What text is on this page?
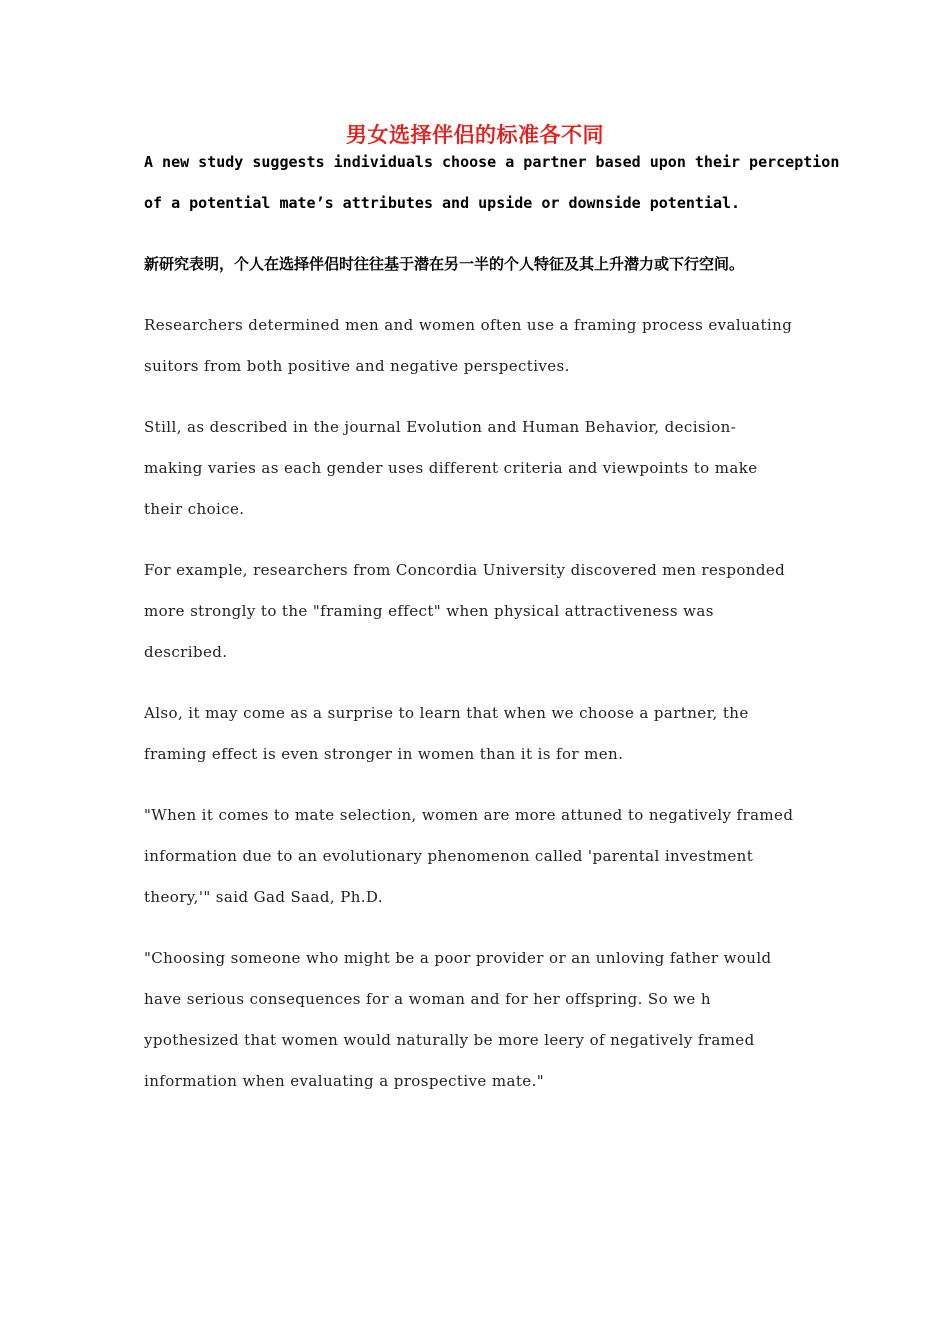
男女选择伴侣的标准各不同
A new study suggests individuals choose a partner based upon their perception
of a potential mate’s attributes and upside or downside potential.
新研究表明，个人在选择伴侣时往往基于潜在另一半的个人特征及其上升潜力或下行空间。
Researchers determined men and women often use a framing process evaluating
suitors from both positive and negative perspectives.
Still, as described in the journal Evolution and Human Behavior, decision-
making varies as each gender uses different criteria and viewpoints to make
their choice.
For example, researchers from Concordia University discovered men responded
more strongly to the "framing effect" when physical attractiveness was
described.
Also, it may come as a surprise to learn that when we choose a partner, the
framing effect is even stronger in women than it is for men.
"When it comes to mate selection, women are more attuned to negatively framed
information due to an evolutionary phenomenon called 'parental investment
theory,'" said Gad Saad, Ph.D.
"Choosing someone who might be a poor provider or an unloving father would
have serious consequences for a woman and for her offspring. So we h
ypothesized that women would naturally be more leery of negatively framed
information when evaluating a prospective mate."
